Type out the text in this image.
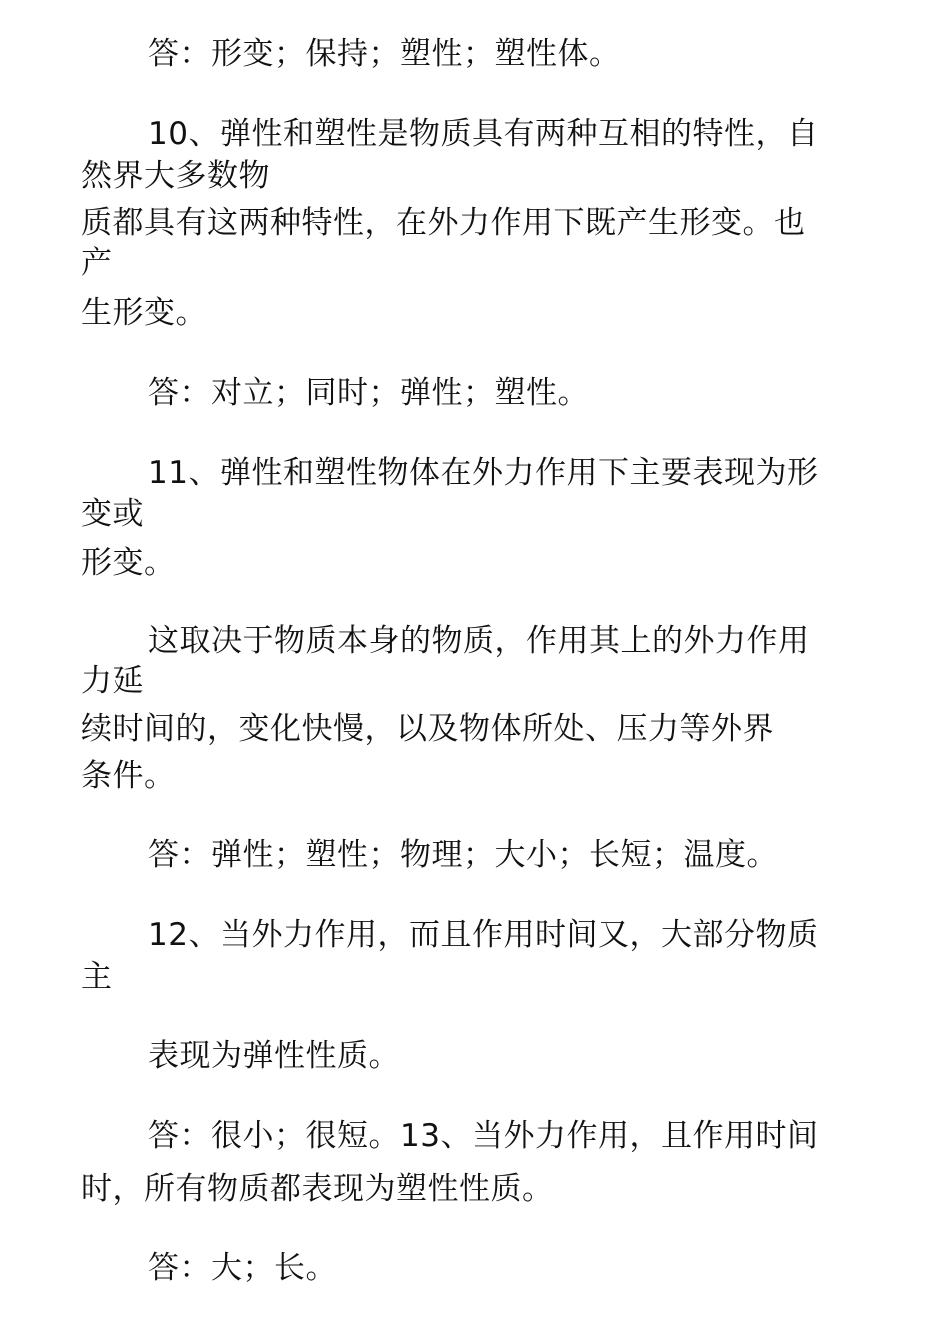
答：形变；保持；塑性；塑性体。
10、弹性和塑性是物质具有两种互相的特性，自
然界大多数物
质都具有这两种特性，在外力作用下既产生形变。也
产
生形变。
答：对立；同时；弹性；塑性。
11、弹性和塑性物体在外力作用下主要表现为形
变或
形变。
这取决于物质本身的物质，作用其上的外力作用
力延
续时间的，变化快慢，以及物体所处、压力等外界
条件。
答：弹性；塑性；物理；大小；长短；温度。
12、当外力作用，而且作用时间又，大部分物质
主
表现为弹性性质。
答：很小；很短。13、当外力作用，且作用时间
时，所有物质都表现为塑性性质。
答：大；长。
